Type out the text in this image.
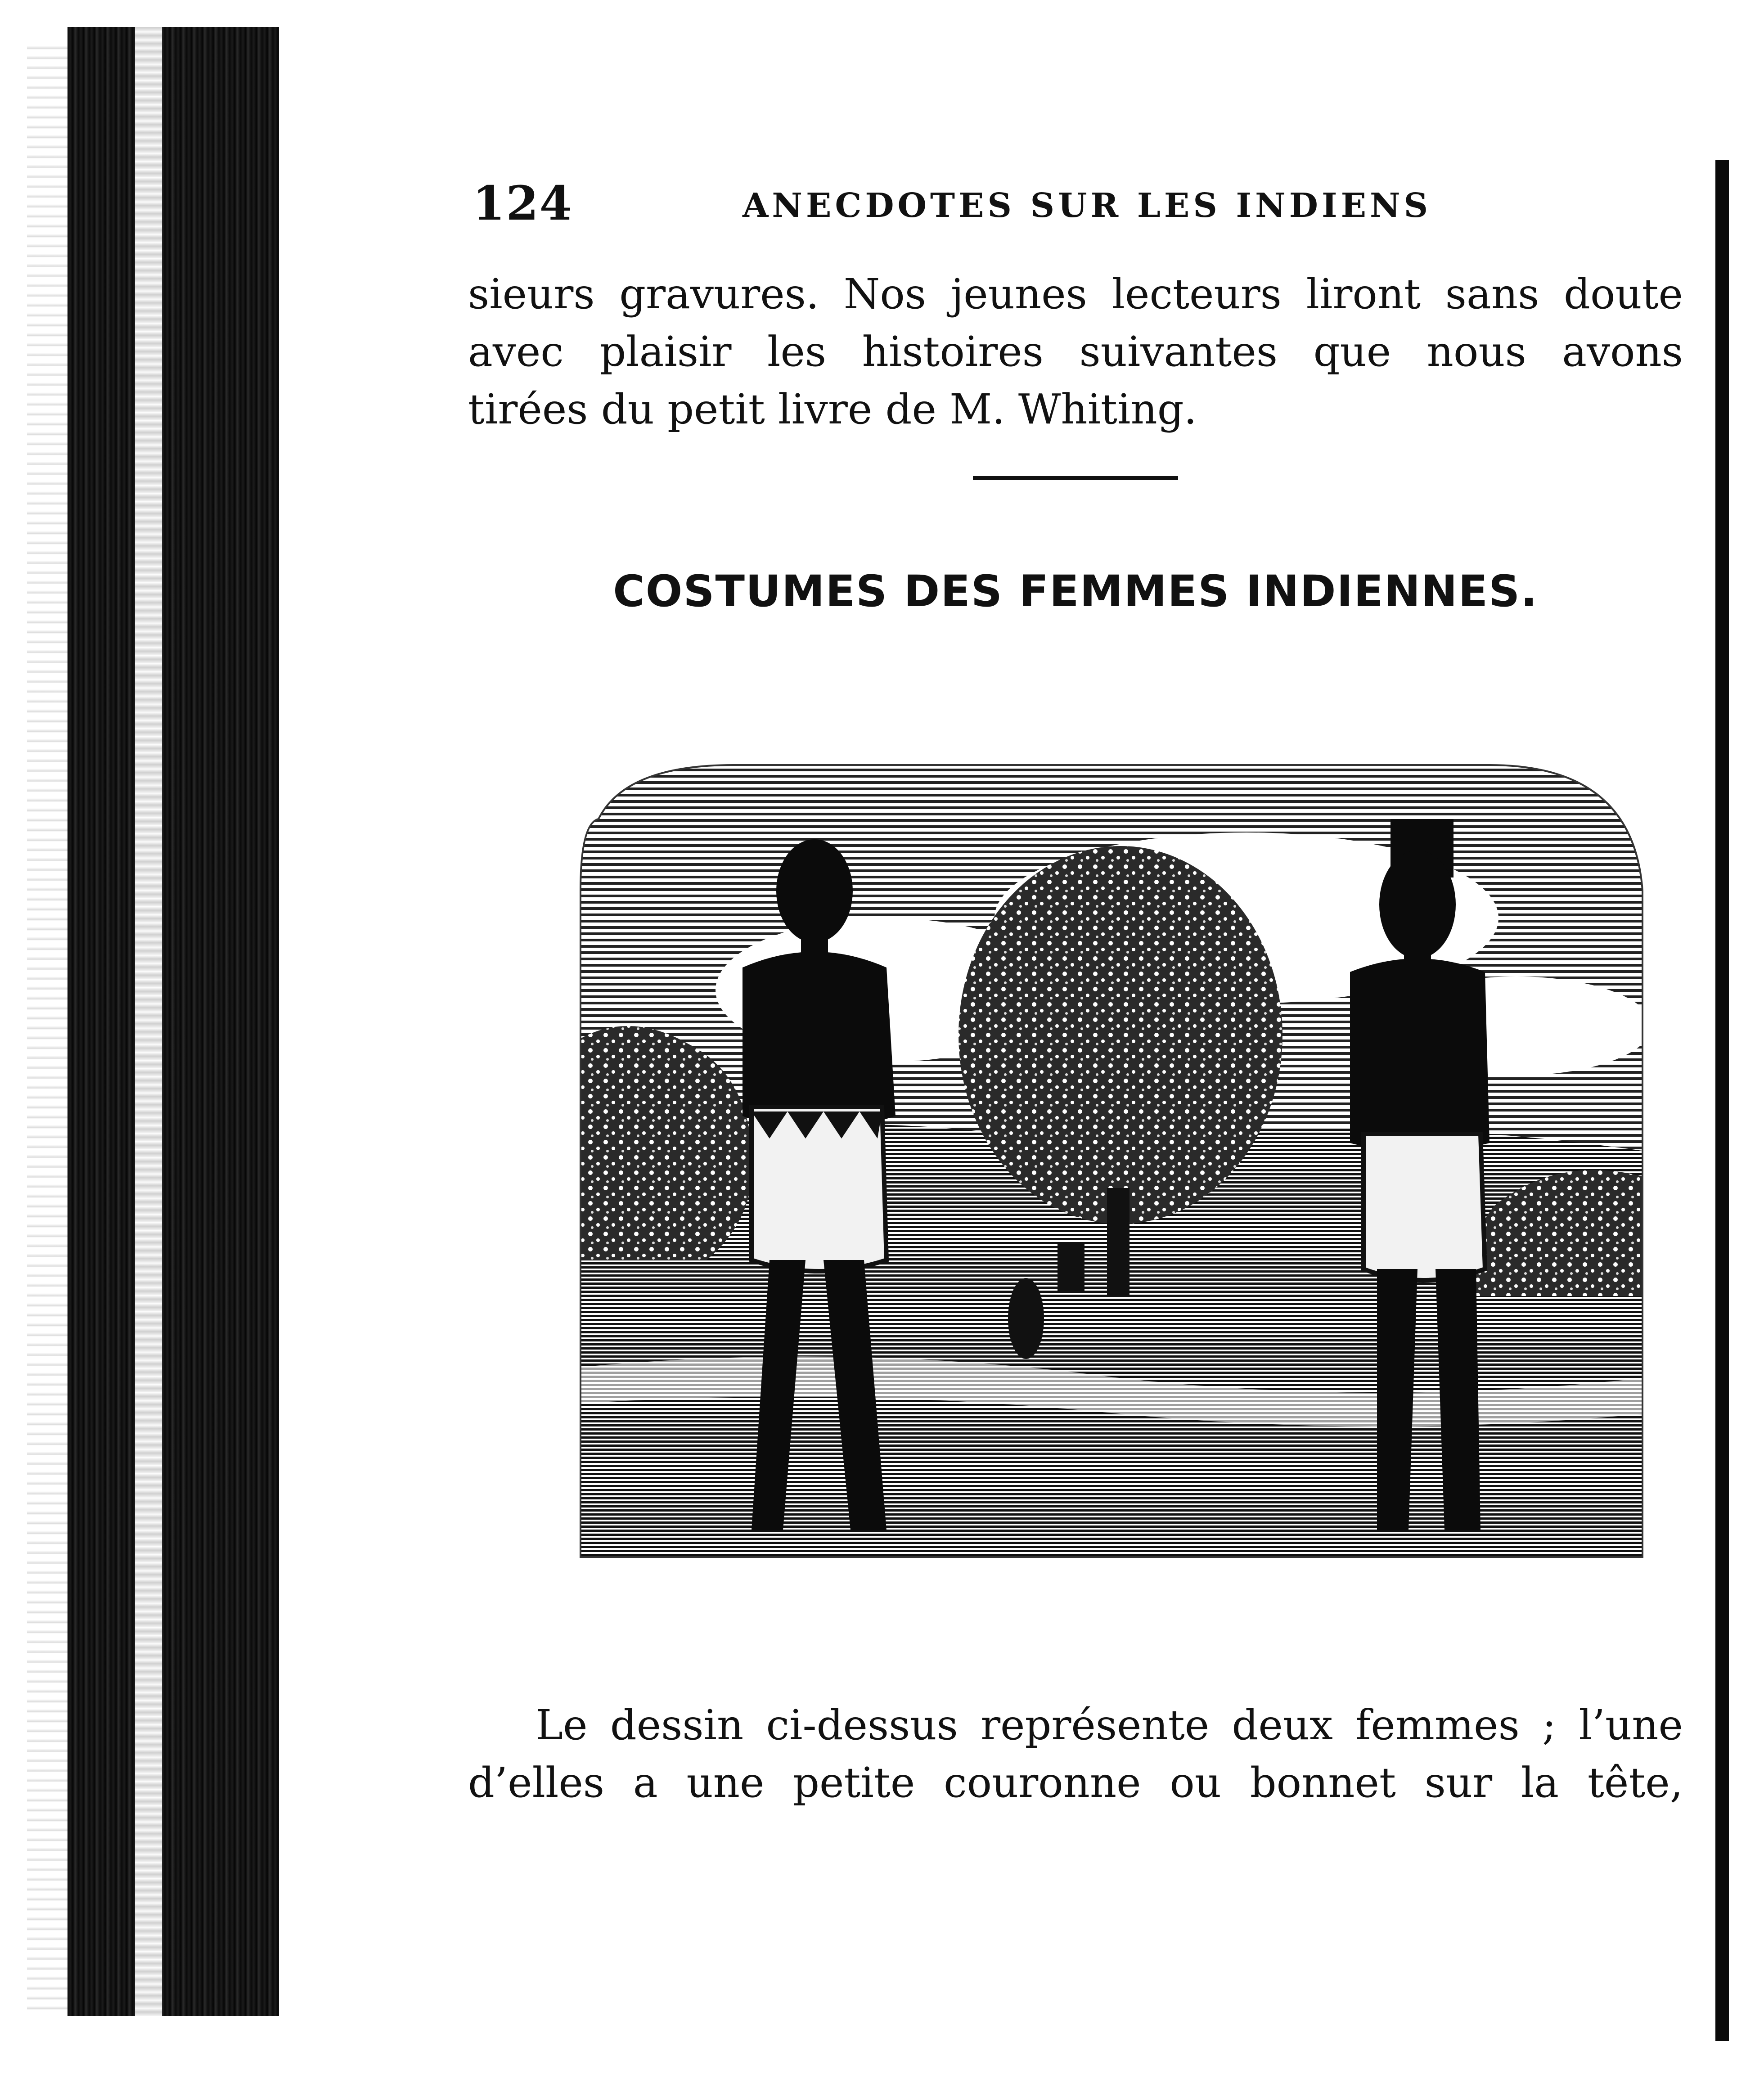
124	ANECDOTES SUR LES INDIENS

sieurs gravures. Nos jeunes lecteurs liront sans doute

avec plaisir les histoires suivantes que nous avons

tirées du petit livre de M. Whiting.

COSTUMES DES FEMMES INDIENNES.

Le dessin ci-dessus représente deux femmes ; l’une

d’elles a une petite couronne ou bonnet sur la tête,
